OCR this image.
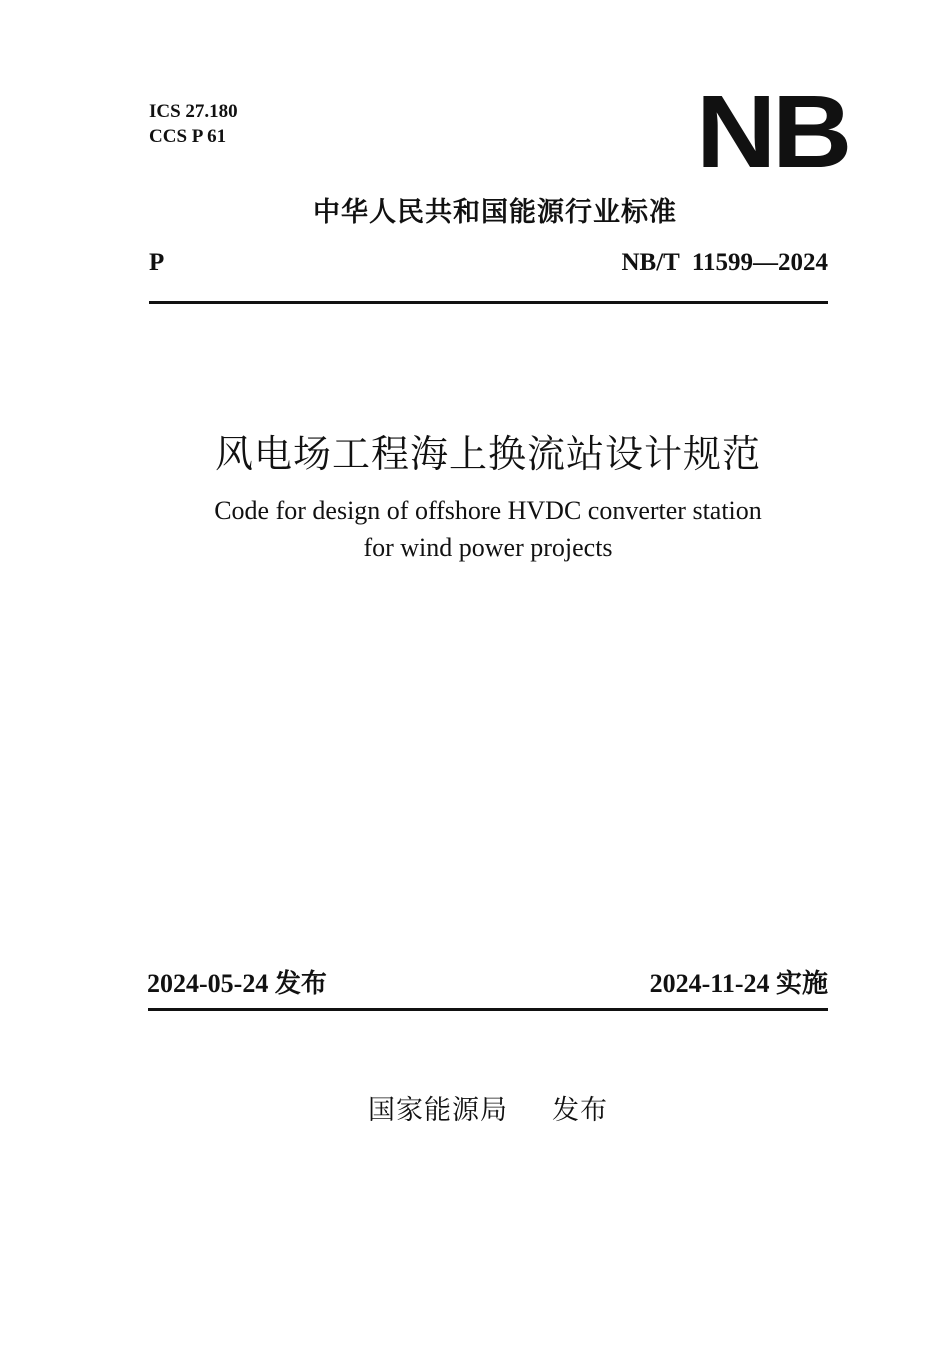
ICS 27.180
CCS P 61	NB
中华人民共和国能源行业标准
P	NB/T  11599—2024
风电场工程海上换流站设计规范
Code for design of offshore HVDC converter station
for wind power projects
2024-05-24 发布	2024-11-24 实施
国家能源局 发布
